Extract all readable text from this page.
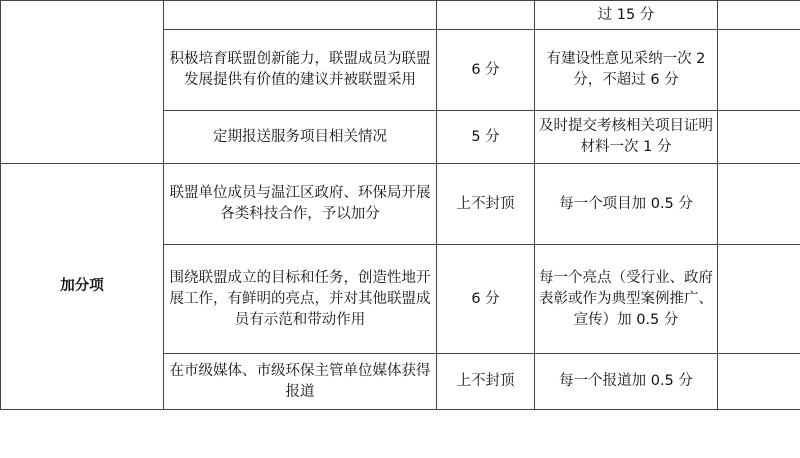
			过 15 分	
	积极培育联盟创新能力，联盟成员为联盟发展提供有价值的建议并被联盟采用	6 分	有建设性意见采纳一次 2 分，不超过 6 分	
	定期报送服务项目相关情况	5 分	及时提交考核相关项目证明材料一次 1 分	
加分项	联盟单位成员与温江区政府、环保局开展各类科技合作，予以加分	上不封顶	每一个项目加 0.5 分	
	围绕联盟成立的目标和任务，创造性地开展工作，有鲜明的亮点，并对其他联盟成员有示范和带动作用	6 分	每一个亮点（受行业、政府表彰或作为典型案例推广、宣传）加 0.5 分	
	在市级媒体、市级环保主管单位媒体获得报道	上不封顶	每一个报道加 0.5 分	
